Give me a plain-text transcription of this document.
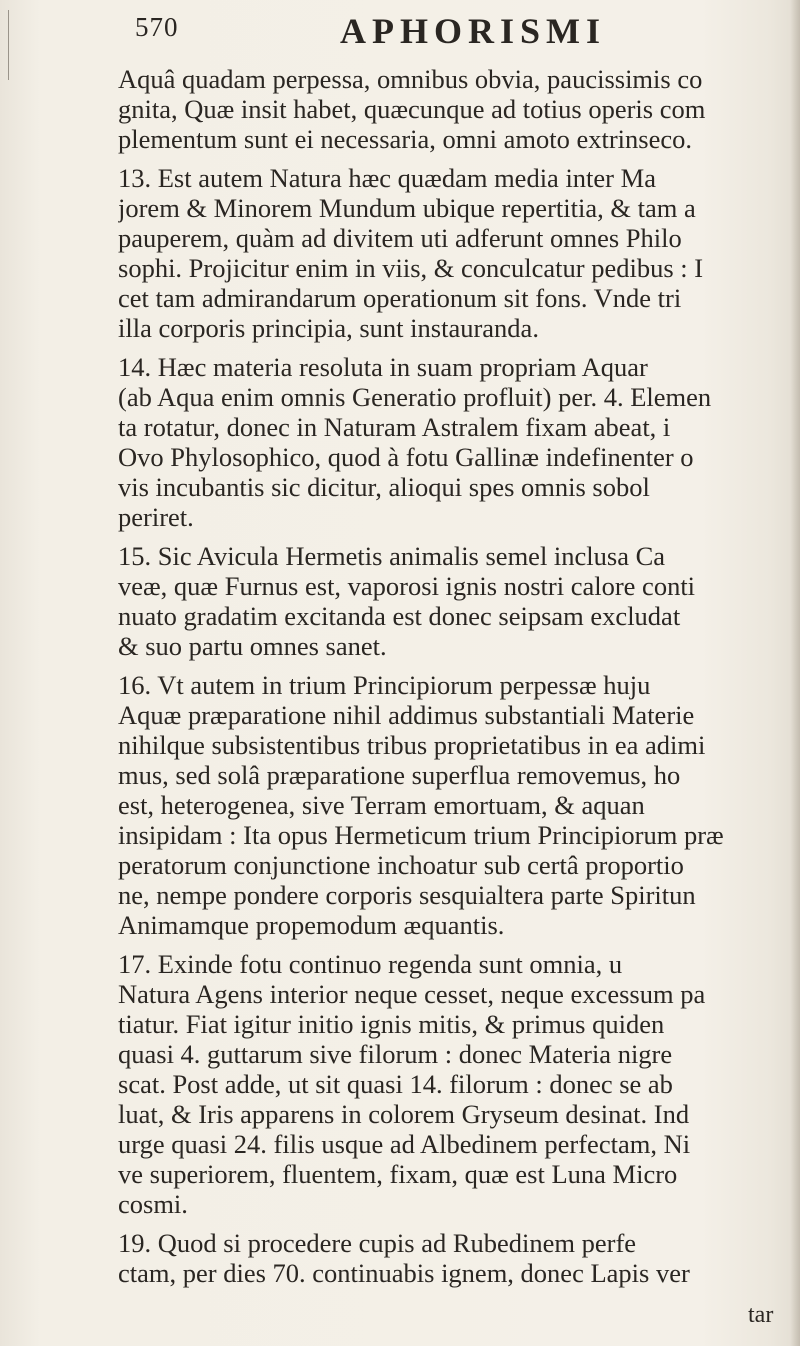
570	APHORISMI
Aquâ quadam perpessa, omnibus obvia, paucissimis co
gnita, Quæ insit habet, quæcunque ad totius operis com
plementum sunt ei necessaria, omni amoto extrinseco.
13. Est autem Natura hæc quædam media inter Ma
jorem & Minorem Mundum ubique repertitia, & tam a
pauperem, quàm ad divitem uti adferunt omnes Philo
sophi. Projicitur enim in viis, & conculcatur pedibus : I
cet tam admirandarum operationum sit fons. Vnde tri
illa corporis principia, sunt instauranda.
14. Hæc materia resoluta in suam propriam Aquar
(ab Aqua enim omnis Generatio profluit) per. 4. Elemen
ta rotatur, donec in Naturam Astralem fixam abeat, i
Ovo Phylosophico, quod à fotu Gallinæ indefinenter o
vis incubantis sic dicitur, alioqui spes omnis sobol
periret.
15. Sic Avicula Hermetis animalis semel inclusa Ca
veæ, quæ Furnus est, vaporosi ignis nostri calore conti
nuato gradatim excitanda est donec seipsam excludat
& suo partu omnes sanet.
16. Vt autem in trium Principiorum perpessæ huju
Aquæ præparatione nihil addimus substantiali Materie
nihilque subsistentibus tribus proprietatibus in ea adimi
mus, sed solâ præparatione superflua removemus, ho
est, heterogenea, sive Terram emortuam, & aquan
insipidam : Ita opus Hermeticum trium Principiorum præ
peratorum conjunctione inchoatur sub certâ proportio
ne, nempe pondere corporis sesquialtera parte Spiritun
Animamque propemodum æquantis.
17. Exinde fotu continuo regenda sunt omnia, u
Natura Agens interior neque cesset, neque excessum pa
tiatur. Fiat igitur initio ignis mitis, & primus quiden
quasi 4. guttarum sive filorum : donec Materia nigre
scat. Post adde, ut sit quasi 14. filorum : donec se ab
luat, & Iris apparens in colorem Gryseum desinat. Ind
urge quasi 24. filis usque ad Albedinem perfectam, Ni
ve superiorem, fluentem, fixam, quæ est Luna Micro
cosmi.
19. Quod si procedere cupis ad Rubedinem perfe
ctam, per dies 70. continuabis ignem, donec Lapis ver
tar
